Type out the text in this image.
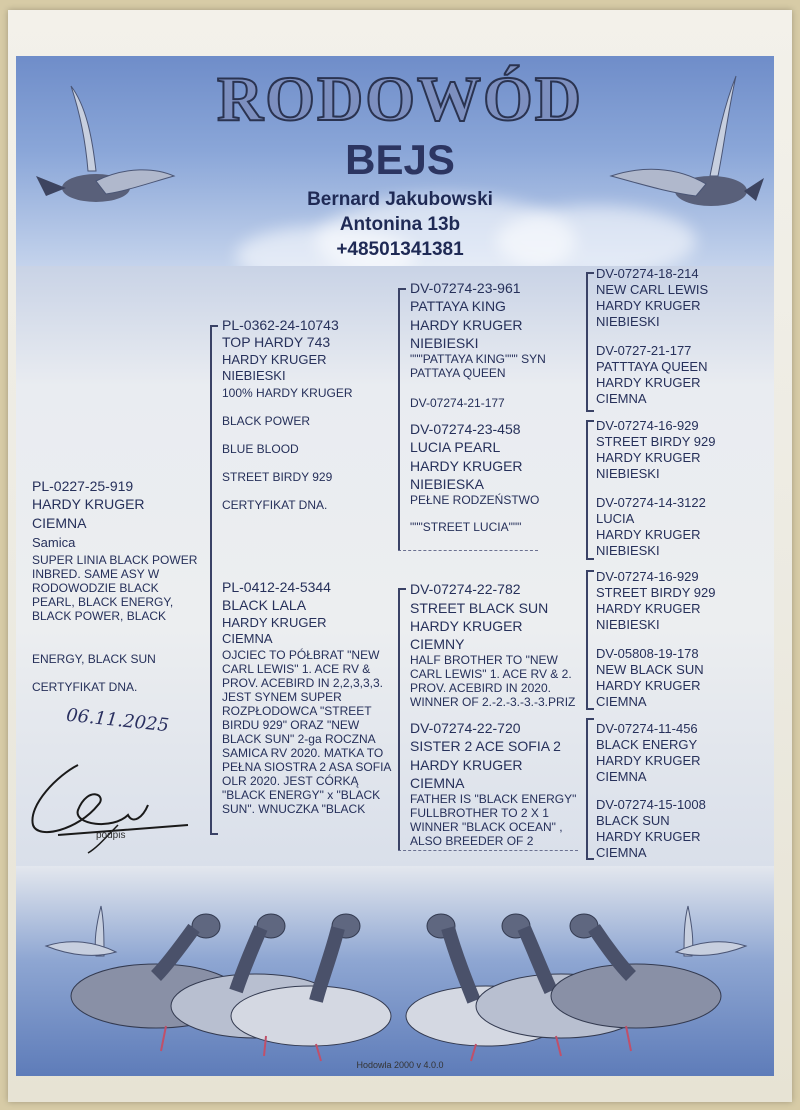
RODOWÓD
BEJS
Bernard Jakubowski
Antonina 13b
+48501341381
PL-0227-25-919
HARDY KRUGER
CIEMNA
Samica
SUPER LINIA BLACK POWER INBRED. SAME ASY W RODOWODZIE BLACK PEARL, BLACK ENERGY, BLACK POWER, BLACK
ENERGY, BLACK SUN
CERTYFIKAT DNA.
06.11.2025
podpis
PL-0362-24-10743
TOP HARDY 743
HARDY KRUGER
NIEBIESKI
100% HARDY KRUGER
BLACK POWER
BLUE BLOOD
STREET BIRDY 929
CERTYFIKAT DNA.
PL-0412-24-5344
BLACK LALA
HARDY KRUGER
CIEMNA
OJCIEC TO PÓŁBRAT "NEW CARL LEWIS" 1. ACE RV & PROV. ACEBIRD IN 2,2,3,3,3. JEST SYNEM SUPER ROZPŁODOWCA "STREET BIRDU 929" ORAZ "NEW BLACK SUN" 2-ga ROCZNA SAMICA RV 2020. MATKA TO PEŁNA SIOSTRA 2 ASA SOFIA OLR 2020. JEST CÓRKĄ "BLACK ENERGY" x "BLACK SUN". WNUCZKA "BLACK
DV-07274-23-961
PATTAYA KING
HARDY KRUGER
NIEBIESKI
"""PATTAYA KING""" SYN PATTAYA QUEEN
DV-07274-21-177
DV-07274-23-458
LUCIA PEARL
HARDY KRUGER
NIEBIESKA
PEŁNE RODZEŃSTWO
"""STREET LUCIA"""
DV-07274-22-782
STREET BLACK SUN
HARDY KRUGER
CIEMNY
HALF BROTHER TO "NEW CARL LEWIS" 1. ACE RV & 2. PROV. ACEBIRD IN 2020. WINNER OF 2.-2.-3.-3.-3.PRIZ
DV-07274-22-720
SISTER 2 ACE SOFIA 2
HARDY KRUGER
CIEMNA
FATHER IS "BLACK ENERGY" FULLBROTHER TO 2 X 1 WINNER "BLACK OCEAN" , ALSO BREEDER OF 2
DV-07274-18-214
NEW CARL LEWIS
HARDY KRUGER
NIEBIESKI
DV-0727-21-177
PATTTAYA QUEEN
HARDY KRUGER
CIEMNA
DV-07274-16-929
STREET BIRDY 929
HARDY KRUGER
NIEBIESKI
DV-07274-14-3122
LUCIA
HARDY KRUGER
NIEBIESKI
DV-07274-16-929
STREET BIRDY 929
HARDY KRUGER
NIEBIESKI
DV-05808-19-178
NEW BLACK SUN
HARDY KRUGER
CIEMNA
DV-07274-11-456
BLACK ENERGY
HARDY KRUGER
CIEMNA
DV-07274-15-1008
BLACK SUN
HARDY KRUGER
CIEMNA
Hodowla 2000 v 4.0.0
